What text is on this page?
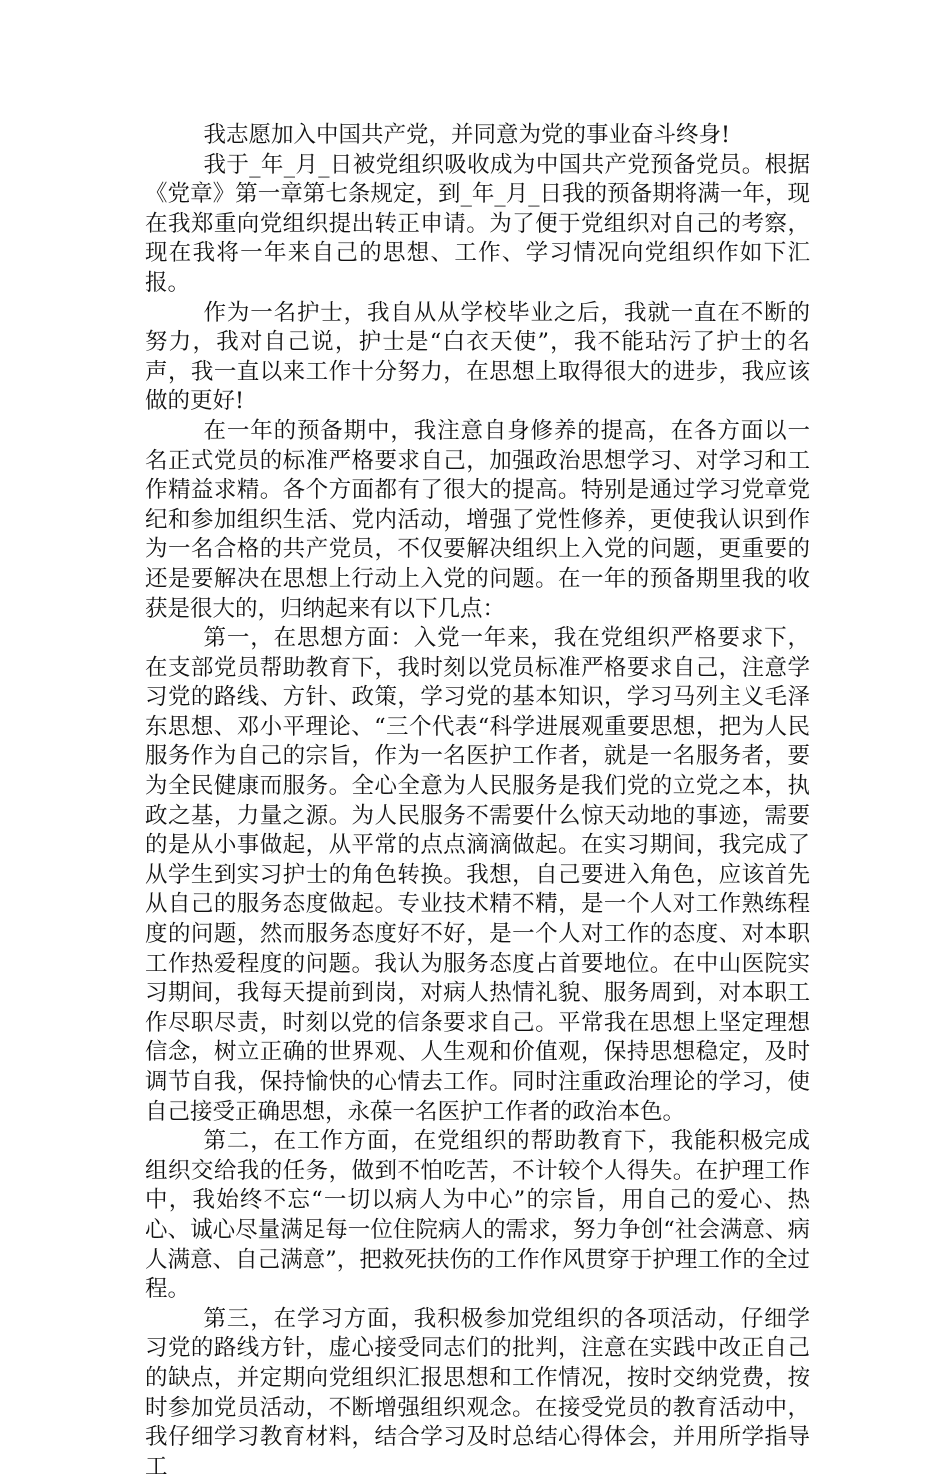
我志愿加入中国共产党，并同意为党的事业奋斗终身!

我于_年_月_日被党组织吸收成为中国共产党预备党员。根据《党章》第一章第七条规定，到_年_月_日我的预备期将满一年，现在我郑重向党组织提出转正申请。为了便于党组织对自己的考察，现在我将一年来自己的思想、工作、学习情况向党组织作如下汇报。

作为一名护士，我自从从学校毕业之后，我就一直在不断的努力，我对自己说，护士是“白衣天使”，我不能玷污了护士的名声，我一直以来工作十分努力，在思想上取得很大的进步，我应该做的更好!

在一年的预备期中，我注意自身修养的提高，在各方面以一名正式党员的标准严格要求自己，加强政治思想学习、对学习和工作精益求精。各个方面都有了很大的提高。特别是通过学习党章党纪和参加组织生活、党内活动，增强了党性修养，更使我认识到作为一名合格的共产党员，不仅要解决组织上入党的问题，更重要的还是要解决在思想上行动上入党的问题。在一年的预备期里我的收获是很大的，归纳起来有以下几点：

第一，在思想方面：入党一年来，我在党组织严格要求下，在支部党员帮助教育下，我时刻以党员标准严格要求自己，注意学习党的路线、方针、政策，学习党的基本知识，学习马列主义毛泽东思想、邓小平理论、“三个代表“科学进展观重要思想，把为人民服务作为自己的宗旨，作为一名医护工作者，就是一名服务者，要为全民健康而服务。全心全意为人民服务是我们党的立党之本，执政之基，力量之源。为人民服务不需要什么惊天动地的事迹，需要的是从小事做起，从平常的点点滴滴做起。在实习期间，我完成了从学生到实习护士的角色转换。我想，自己要进入角色，应该首先从自己的服务态度做起。专业技术精不精，是一个人对工作熟练程度的问题，然而服务态度好不好，是一个人对工作的态度、对本职工作热爱程度的问题。我认为服务态度占首要地位。在中山医院实习期间，我每天提前到岗，对病人热情礼貌、服务周到，对本职工作尽职尽责，时刻以党的信条要求自己。平常我在思想上坚定理想信念，树立正确的世界观、人生观和价值观，保持思想稳定，及时调节自我，保持愉快的心情去工作。同时注重政治理论的学习，使自己接受正确思想，永葆一名医护工作者的政治本色。

第二，在工作方面，在党组织的帮助教育下，我能积极完成组织交给我的任务，做到不怕吃苦，不计较个人得失。在护理工作中，我始终不忘“一切以病人为中心”的宗旨，用自己的爱心、热心、诚心尽量满足每一位住院病人的需求，努力争创“社会满意、病人满意、自己满意”，把救死扶伤的工作作风贯穿于护理工作的全过程。

第三，在学习方面，我积极参加党组织的各项活动，仔细学习党的路线方针，虚心接受同志们的批判，注意在实践中改正自己的缺点，并定期向党组织汇报思想和工作情况，按时交纳党费，按时参加党员活动，不断增强组织观念。在接受党员的教育活动中，我仔细学习教育材料，结合学习及时总结心得体会，并用所学指导工
